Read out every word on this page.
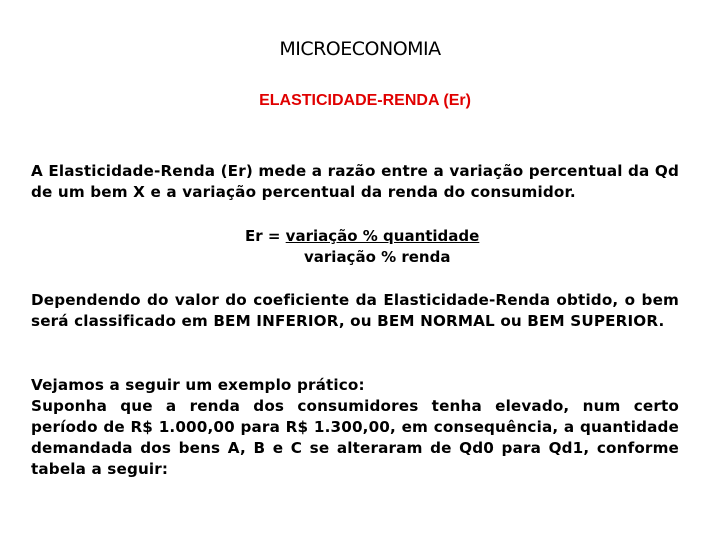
MICROECONOMIA
ELASTICIDADE-RENDA (Er)
A Elasticidade-Renda (Er) mede a razão entre a variação percentual da Qd de um bem X e a variação percentual da renda do consumidor.
Er = variação % quantidade
variação % renda
Dependendo do valor do coeficiente da Elasticidade-Renda obtido, o bem será classificado em BEM INFERIOR, ou BEM NORMAL ou BEM SUPERIOR.
Vejamos a seguir um exemplo prático:
Suponha que a renda dos consumidores tenha elevado, num certo período de R$ 1.000,00 para R$ 1.300,00, em consequência, a quantidade demandada dos bens A, B e C se alteraram de Qd0 para Qd1, conforme tabela a seguir:
